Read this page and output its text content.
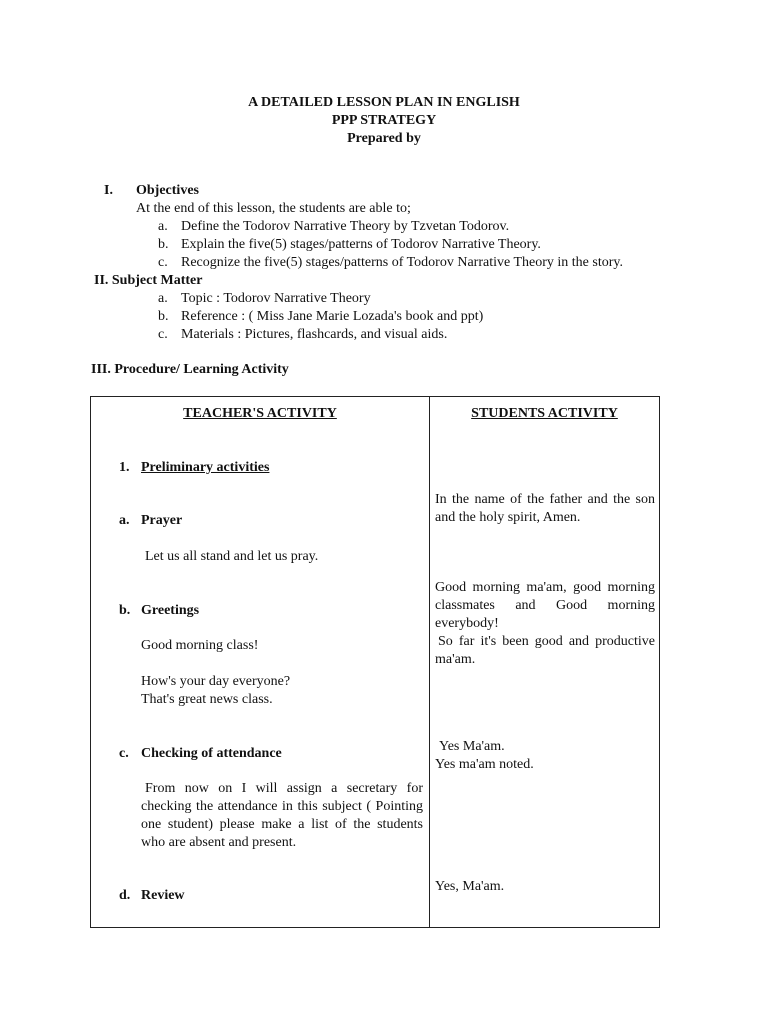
A DETAILED LESSON PLAN IN ENGLISH
PPP STRATEGY
Prepared by
I. Objectives
At the end of this lesson, the students are able to;
a. Define the Todorov Narrative Theory by Tzvetan Todorov.
b. Explain the five(5) stages/patterns of Todorov Narrative Theory.
c. Recognize the five(5) stages/patterns of Todorov Narrative Theory in the story.
II. Subject Matter
a. Topic : Todorov Narrative Theory
b. Reference : ( Miss Jane Marie Lozada's book and ppt)
c. Materials : Pictures, flashcards, and visual aids.
III. Procedure/ Learning Activity
TEACHER'S ACTIVITY	STUDENTS ACTIVITY
1. Preliminary activities
a. Prayer
Let us all stand and let us pray.
In the name of the father and the son and the holy spirit, Amen.
b. Greetings
Good morning class!
How's your day everyone?
That's great news class.
Good morning ma'am, good morning classmates and Good morning everybody!
So far it's been good and productive ma'am.
c. Checking of attendance
From now on I will assign a secretary for checking the attendance in this subject ( Pointing one student) please make a list of the students who are absent and present.
Yes Ma'am.
Yes ma'am noted.
d. Review
Yes, Ma'am.
